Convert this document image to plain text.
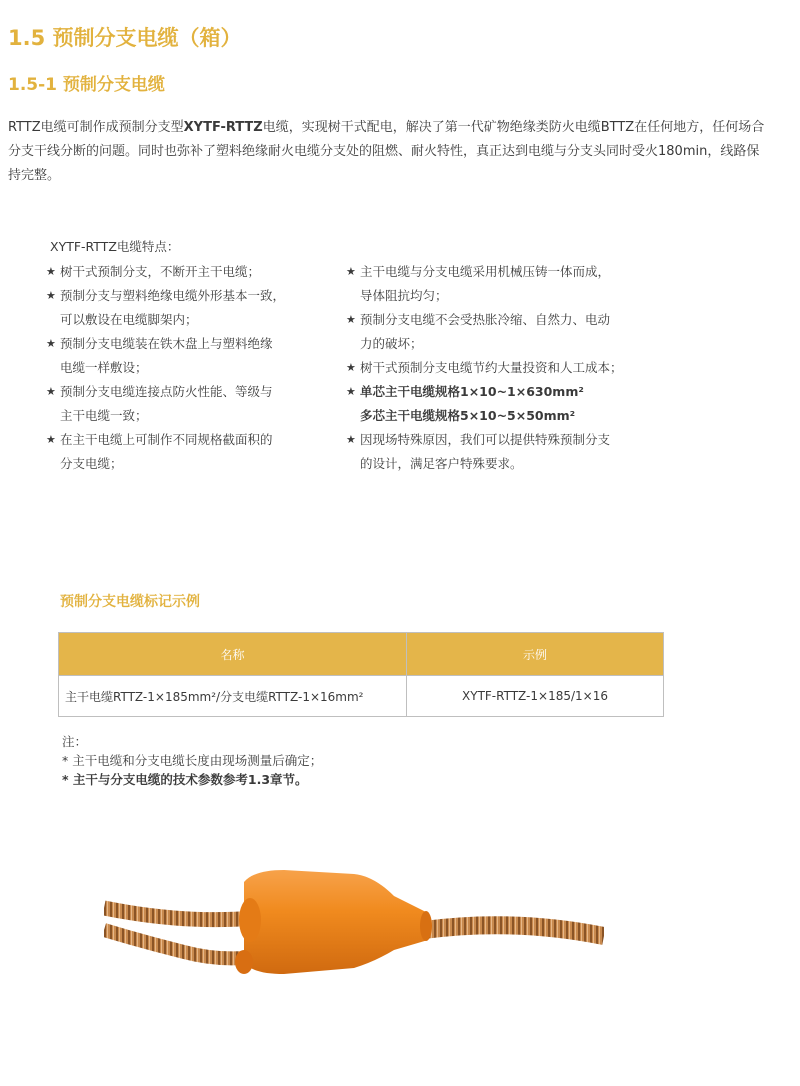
1.5 预制分支电缆（箱）
1.5-1 预制分支电缆

RTTZ电缆可制作成预制分支型XYTF-RTTZ电缆，实现树干式配电，解决了第一代矿物绝缘类防火电缆BTTZ在任何地方，任何场合分支干线分断的问题。同时也弥补了塑料绝缘耐火电缆分支处的阻燃、耐火特性，真正达到电缆与分支头同时受火180min，线路保持完整。

XYTF-RTTZ电缆特点：
★ 树干式预制分支，不断开主干电缆；
★ 预制分支与塑料绝缘电缆外形基本一致，
可以敷设在电缆脚架内；
★ 预制分支电缆装在铁木盘上与塑料绝缘
电缆一样敷设；
★ 预制分支电缆连接点防火性能、等级与
主干电缆一致；
★ 在主干电缆上可制作不同规格截面积的
分支电缆；
★ 主干电缆与分支电缆采用机械压铸一体而成，
导体阻抗均匀；
★ 预制分支电缆不会受热胀冷缩、自然力、电动
力的破坏；
★ 树干式预制分支电缆节约大量投资和人工成本；
★ 单芯主干电缆规格1×10~1×630mm²
多芯主干电缆规格5×10~5×50mm²
★ 因现场特殊原因，我们可以提供特殊预制分支
的设计，满足客户特殊要求。
预制分支电缆标记示例
名称	示例
主干电缆RTTZ-1×185mm²/分支电缆RTTZ-1×16mm²	XYTF-RTTZ-1×185/1×16
注：
* 主干电缆和分支电缆长度由现场测量后确定；
* 主干与分支电缆的技术参数参考1.3章节。
